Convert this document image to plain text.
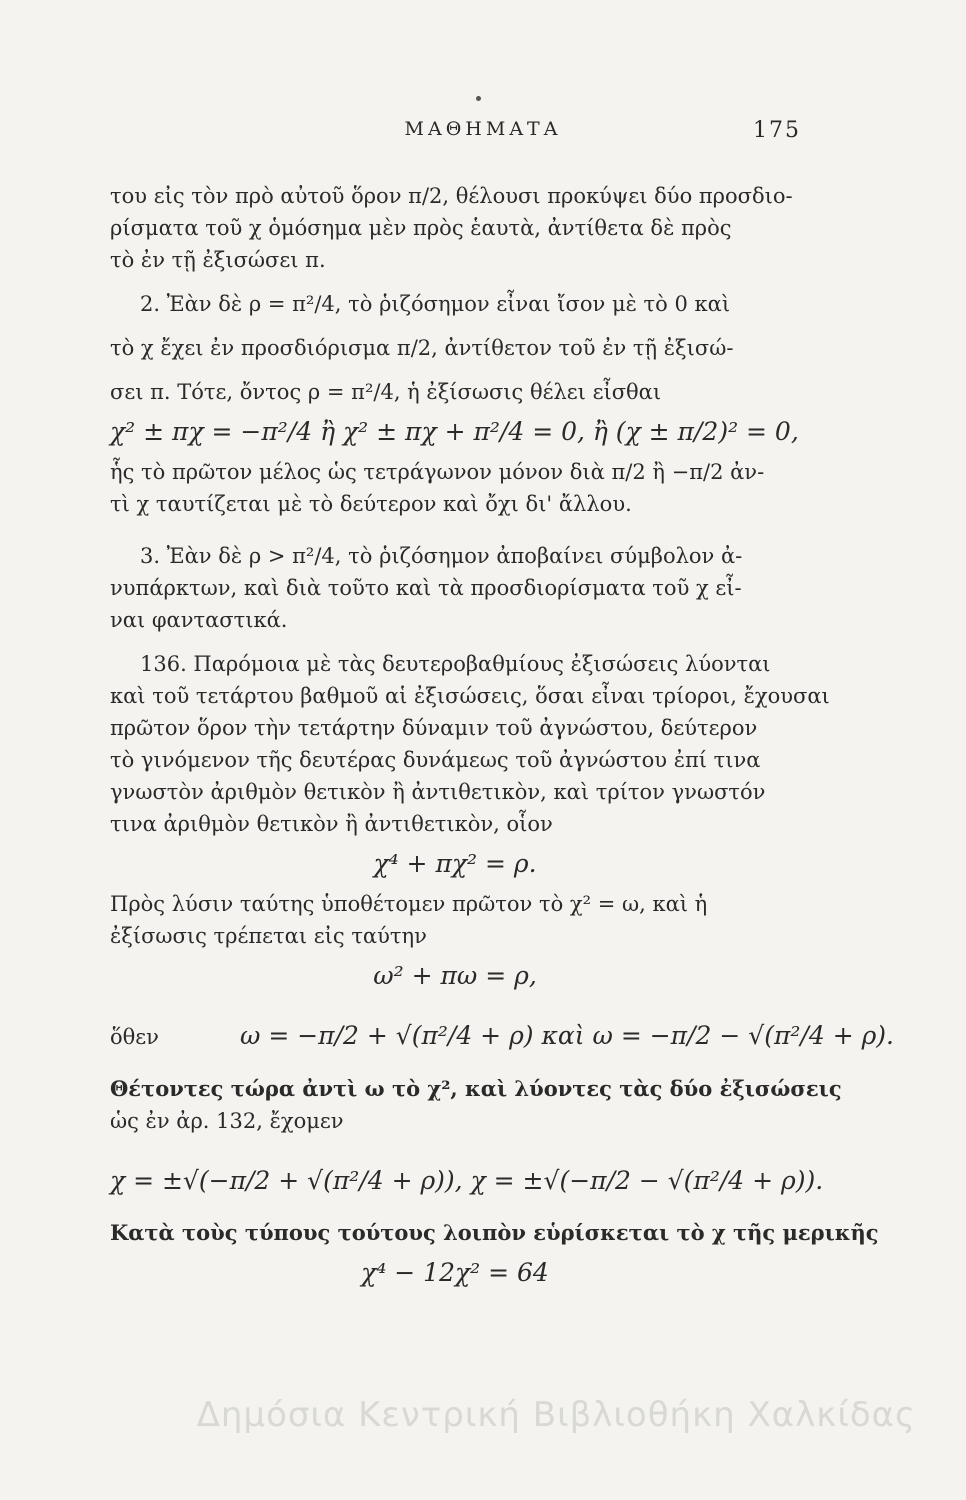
ΜΑΘΗΜΑΤΑ	175
του εἰς τὸν πρὸ αὐτοῦ ὅρον π/2, θέλουσι προκύψει δύο προσδιο-
ρίσματα τοῦ χ ὁμόσημα μὲν πρὸς ἑαυτὰ, ἀντίθετα δὲ πρὸς
τὸ ἐν τῇ ἐξισώσει π.
2. Ἐὰν δὲ ρ = π²/4, τὸ ῥιζόσημον εἶναι ἴσον μὲ τὸ 0 καὶ
τὸ χ ἔχει ἐν προσδιόρισμα π/2, ἀντίθετον τοῦ ἐν τῇ ἐξισώ-
σει π. Τότε, ὄντος ρ = π²/4, ἡ ἐξίσωσις θέλει εἶσθαι
χ² ± πχ = −π²/4 ἢ χ² ± πχ + π²/4 = 0, ἢ (χ ± π/2)² = 0,
ἧς τὸ πρῶτον μέλος ὡς τετράγωνον μόνον διὰ π/2 ἢ −π/2 ἀν-
τὶ χ ταυτίζεται μὲ τὸ δεύτερον καὶ ὄχι δι' ἄλλου.
3. Ἐὰν δὲ ρ > π²/4, τὸ ῥιζόσημον ἀποβαίνει σύμβολον ἀ-
νυπάρκτων, καὶ διὰ τοῦτο καὶ τὰ προσδιορίσματα τοῦ χ εἶ-
ναι φανταστικά.
136. Παρόμοια μὲ τὰς δευτεροβαθμίους ἐξισώσεις λύονται
καὶ τοῦ τετάρτου βαθμοῦ αἱ ἐξισώσεις, ὅσαι εἶναι τρίοροι, ἔχουσαι
πρῶτον ὅρον τὴν τετάρτην δύναμιν τοῦ ἀγνώστου, δεύτερον
τὸ γινόμενον τῆς δευτέρας δυνάμεως τοῦ ἀγνώστου ἐπί τινα
γνωστὸν ἀριθμὸν θετικὸν ἢ ἀντιθετικὸν, καὶ τρίτον γνωστόν
τινα ἀριθμὸν θετικὸν ἢ ἀντιθετικὸν, οἷον
χ⁴ + πχ² = ρ.
Πρὸς λύσιν ταύτης ὑποθέτομεν πρῶτον τὸ χ² = ω, καὶ ἡ
ἐξίσωσις τρέπεται εἰς ταύτην
ω² + πω = ρ,
ὅθεν	ω = −π/2 + √(π²/4 + ρ) καὶ ω = −π/2 − √(π²/4 + ρ).
Θέτοντες τώρα ἀντὶ ω τὸ χ², καὶ λύοντες τὰς δύο ἐξισώσεις
ὡς ἐν ἀρ. 132, ἔχομεν
χ = ±√(−π/2 + √(π²/4 + ρ)), χ = ±√(−π/2 − √(π²/4 + ρ)).
Κατὰ τοὺς τύπους τούτους λοιπὸν εὑρίσκεται τὸ χ τῆς μερικῆς
χ⁴ − 12χ² = 64
Δημόσια Κεντρική Βιβλιοθήκη Χαλκίδας
